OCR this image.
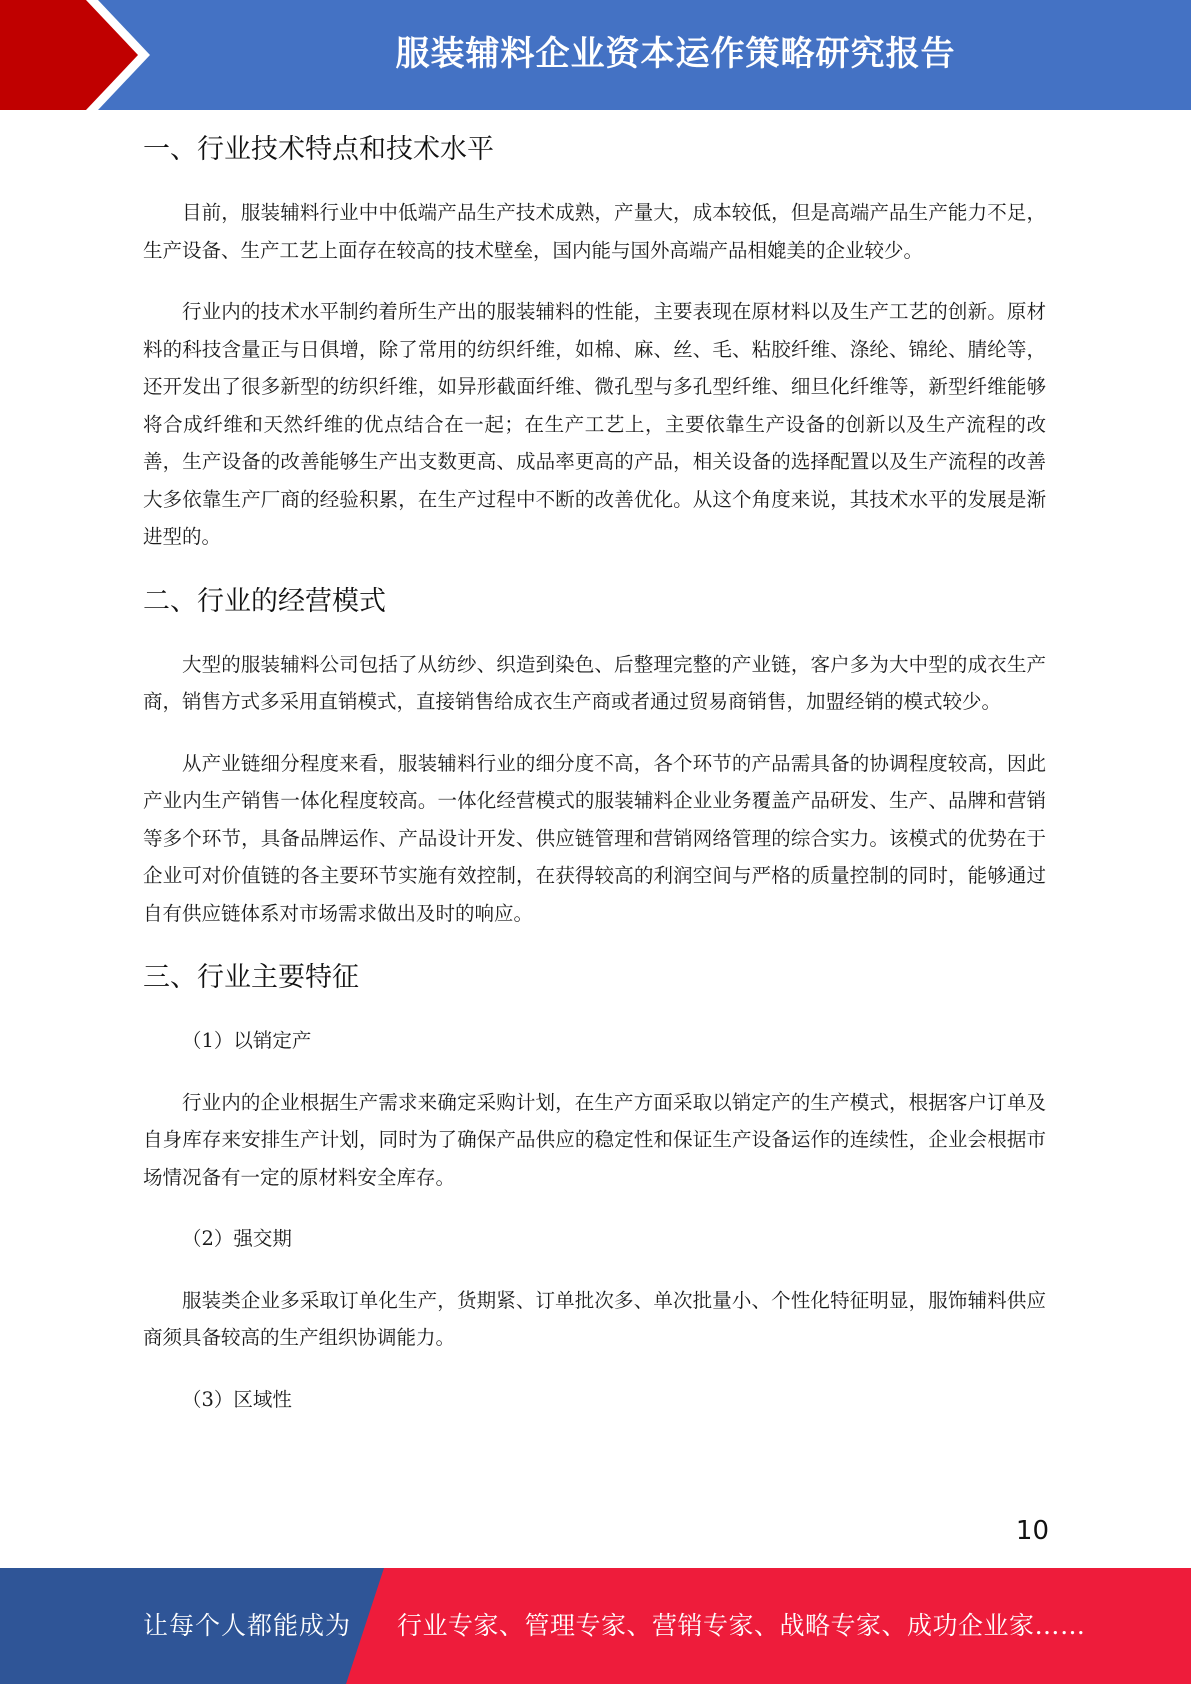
服装辅料企业资本运作策略研究报告
一、行业技术特点和技术水平

目前，服装辅料行业中中低端产品生产技术成熟，产量大，成本较低，但是高端产品生产能力不足，生产设备、生产工艺上面存在较高的技术壁垒，国内能与国外高端产品相媲美的企业较少。

行业内的技术水平制约着所生产出的服装辅料的性能，主要表现在原材料以及生产工艺的创新。原材料的科技含量正与日俱增，除了常用的纺织纤维，如棉、麻、丝、毛、粘胶纤维、涤纶、锦纶、腈纶等，还开发出了很多新型的纺织纤维，如异形截面纤维、微孔型与多孔型纤维、细旦化纤维等，新型纤维能够将合成纤维和天然纤维的优点结合在一起；在生产工艺上，主要依靠生产设备的创新以及生产流程的改善，生产设备的改善能够生产出支数更高、成品率更高的产品，相关设备的选择配置以及生产流程的改善大多依靠生产厂商的经验积累，在生产过程中不断的改善优化。从这个角度来说，其技术水平的发展是渐进型的。

二、行业的经营模式

大型的服装辅料公司包括了从纺纱、织造到染色、后整理完整的产业链，客户多为大中型的成衣生产商，销售方式多采用直销模式，直接销售给成衣生产商或者通过贸易商销售，加盟经销的模式较少。

从产业链细分程度来看，服装辅料行业的细分度不高，各个环节的产品需具备的协调程度较高，因此产业内生产销售一体化程度较高。一体化经营模式的服装辅料企业业务覆盖产品研发、生产、品牌和营销等多个环节，具备品牌运作、产品设计开发、供应链管理和营销网络管理的综合实力。该模式的优势在于企业可对价值链的各主要环节实施有效控制，在获得较高的利润空间与严格的质量控制的同时，能够通过自有供应链体系对市场需求做出及时的响应。

三、行业主要特征

（1）以销定产

行业内的企业根据生产需求来确定采购计划，在生产方面采取以销定产的生产模式，根据客户订单及自身库存来安排生产计划，同时为了确保产品供应的稳定性和保证生产设备运作的连续性，企业会根据市场情况备有一定的原材料安全库存。

（2）强交期

服装类企业多采取订单化生产，货期紧、订单批次多、单次批量小、个性化特征明显，服饰辅料供应商须具备较高的生产组织协调能力。

（3）区域性

10
让每个人都能成为 行业专家、管理专家、营销专家、战略专家、成功企业家……
